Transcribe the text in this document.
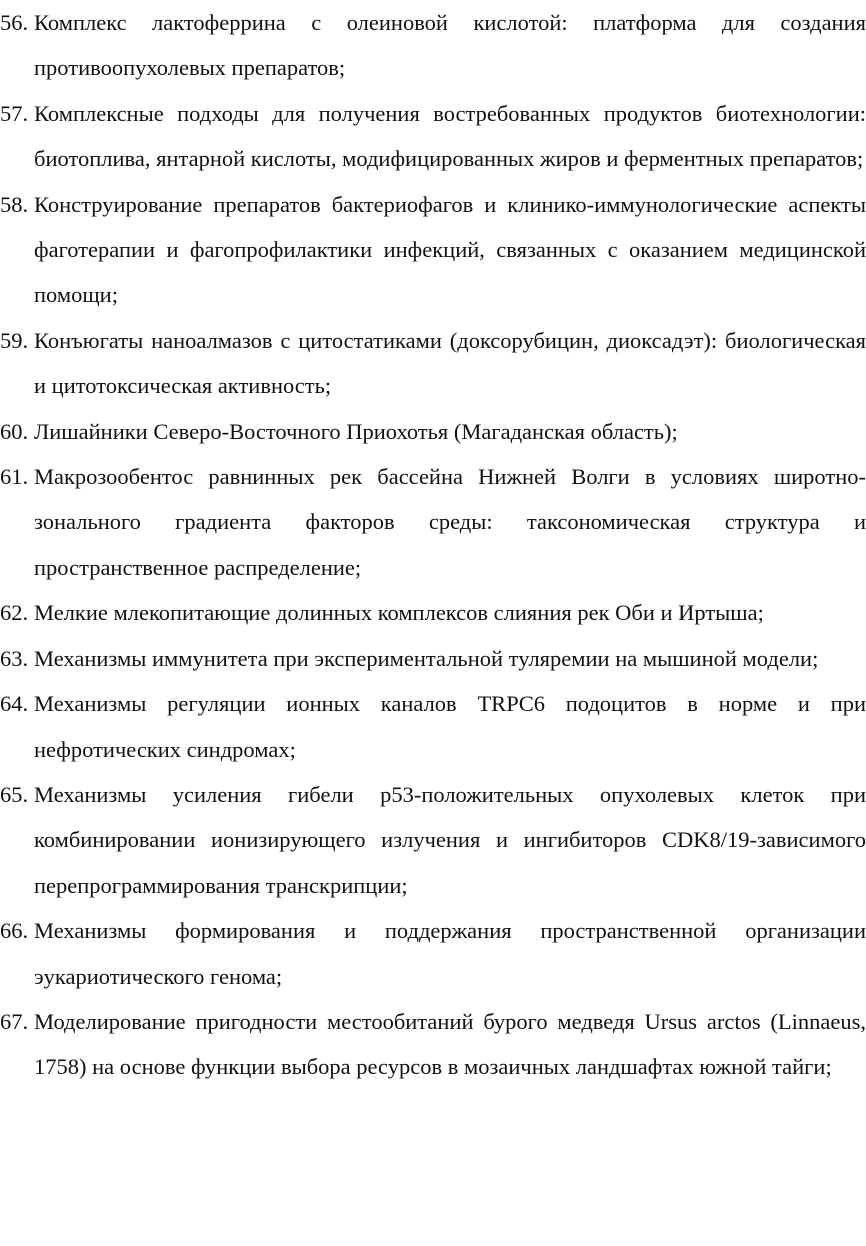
56. Комплекс лактоферрина с олеиновой кислотой: платформа для создания противоопухолевых препаратов;
57. Комплексные подходы для получения востребованных продуктов биотехнологии: биотоплива, янтарной кислоты, модифицированных жиров и ферментных препаратов;
58. Конструирование препаратов бактериофагов и клинико-иммунологические аспекты фаготерапии и фагопрофилактики инфекций, связанных с оказанием медицинской помощи;
59. Конъюгаты наноалмазов с цитостатиками (доксорубицин, диоксадэт): биологическая и цитотоксическая активность;
60. Лишайники Северо-Восточного Приохотья (Магаданская область);
61. Макрозообентос равнинных рек бассейна Нижней Волги в условиях широтно-зонального градиента факторов среды: таксономическая структура и пространственное распределение;
62. Мелкие млекопитающие долинных комплексов слияния рек Оби и Иртыша;
63. Механизмы иммунитета при экспериментальной туляремии на мышиной модели;
64. Механизмы регуляции ионных каналов TRPC6 подоцитов в норме и при нефротических синдромах;
65. Механизмы усиления гибели p53-положительных опухолевых клеток при комбинировании ионизирующего излучения и ингибиторов CDK8/19-зависимого перепрограммирования транскрипции;
66. Механизмы формирования и поддержания пространственной организации эукариотического генома;
67. Моделирование пригодности местообитаний бурого медведя Ursus arctos (Linnaeus, 1758) на основе функции выбора ресурсов в мозаичных ландшафтах южной тайги;
